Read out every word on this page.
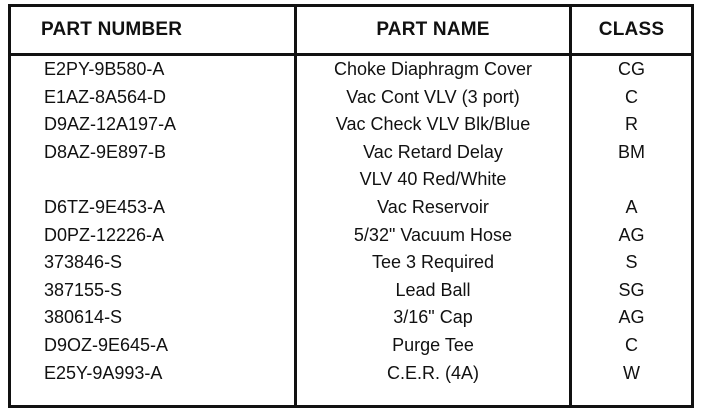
PART NUMBER	PART NAME	CLASS
E2PY-9B580-A	Choke Diaphragm Cover	CG
E1AZ-8A564-D	Vac Cont VLV (3 port)	C
D9AZ-12A197-A	Vac Check VLV Blk/Blue	R
D8AZ-9E897-B	Vac Retard Delay	BM
VLV 40 Red/White
D6TZ-9E453-A	Vac Reservoir	A
D0PZ-12226-A	5/32" Vacuum Hose	AG
373846-S	Tee 3 Required	S
387155-S	Lead Ball	SG
380614-S	3/16" Cap	AG
D9OZ-9E645-A	Purge Tee	C
E25Y-9A993-A	C.E.R. (4A)	W
